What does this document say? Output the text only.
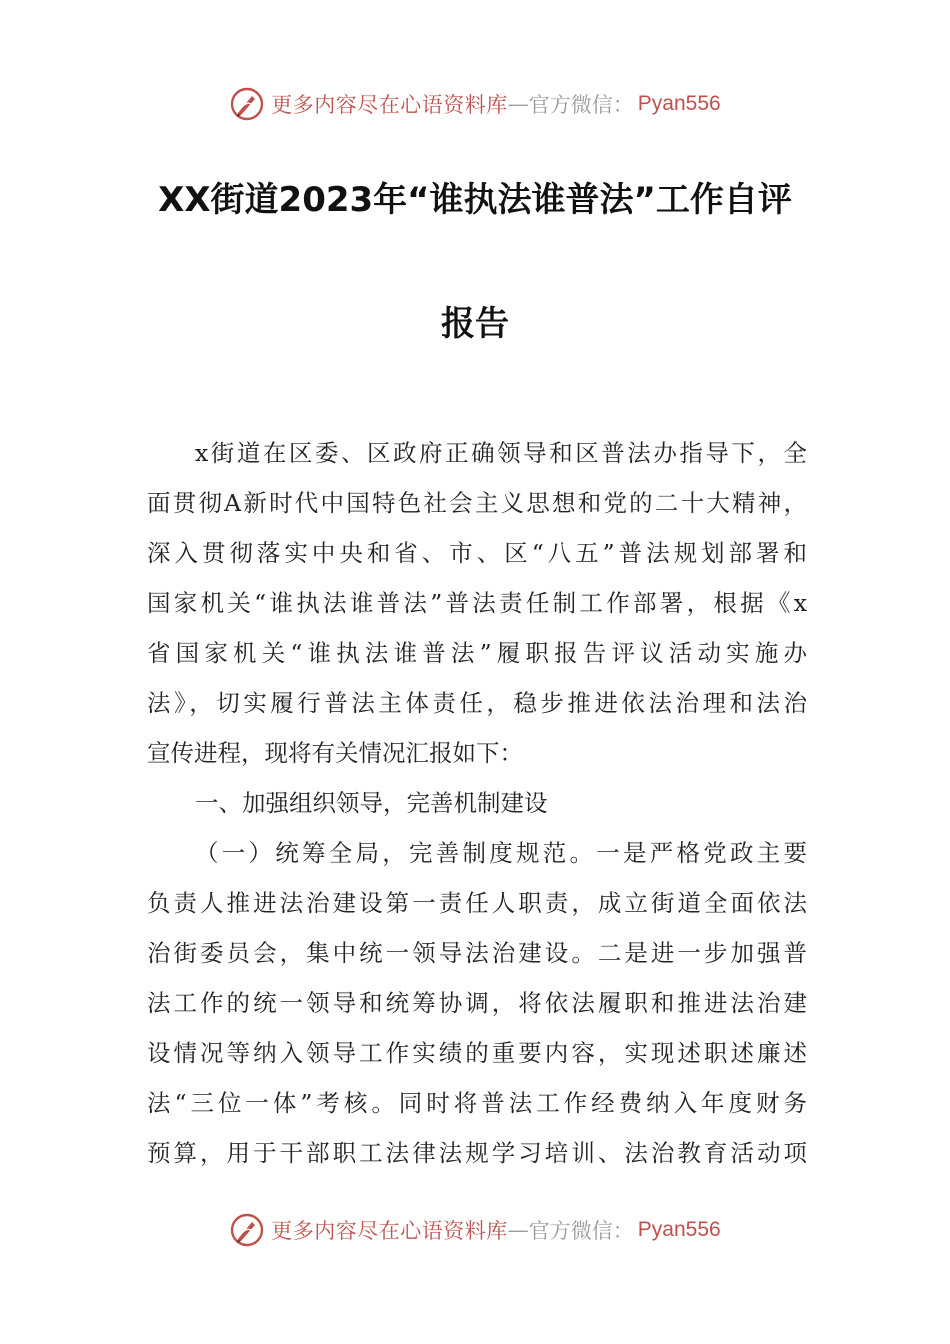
更多内容尽在心语资料库 — 官方微信： Pyan556
XX街道2023年“谁执法谁普法”工作自评
报告
x街道在区委、区政府正确领导和区普法办指导下，全
面贯彻A新时代中国特色社会主义思想和党的二十大精神，
深入贯彻落实中央和省、市、区“八五”普法规划部署和
国家机关“谁执法谁普法”普法责任制工作部署，根据《x
省国家机关“谁执法谁普法”履职报告评议活动实施办
法》，切实履行普法主体责任，稳步推进依法治理和法治
宣传进程，现将有关情况汇报如下：
一、加强组织领导，完善机制建设
（一）统筹全局，完善制度规范。一是严格党政主要
负责人推进法治建设第一责任人职责，成立街道全面依法
治街委员会，集中统一领导法治建设。二是进一步加强普
法工作的统一领导和统筹协调，将依法履职和推进法治建
设情况等纳入领导工作实绩的重要内容，实现述职述廉述
法“三位一体”考核。同时将普法工作经费纳入年度财务
预算，用于干部职工法律法规学习培训、法治教育活动项
更多内容尽在心语资料库 — 官方微信： Pyan556
